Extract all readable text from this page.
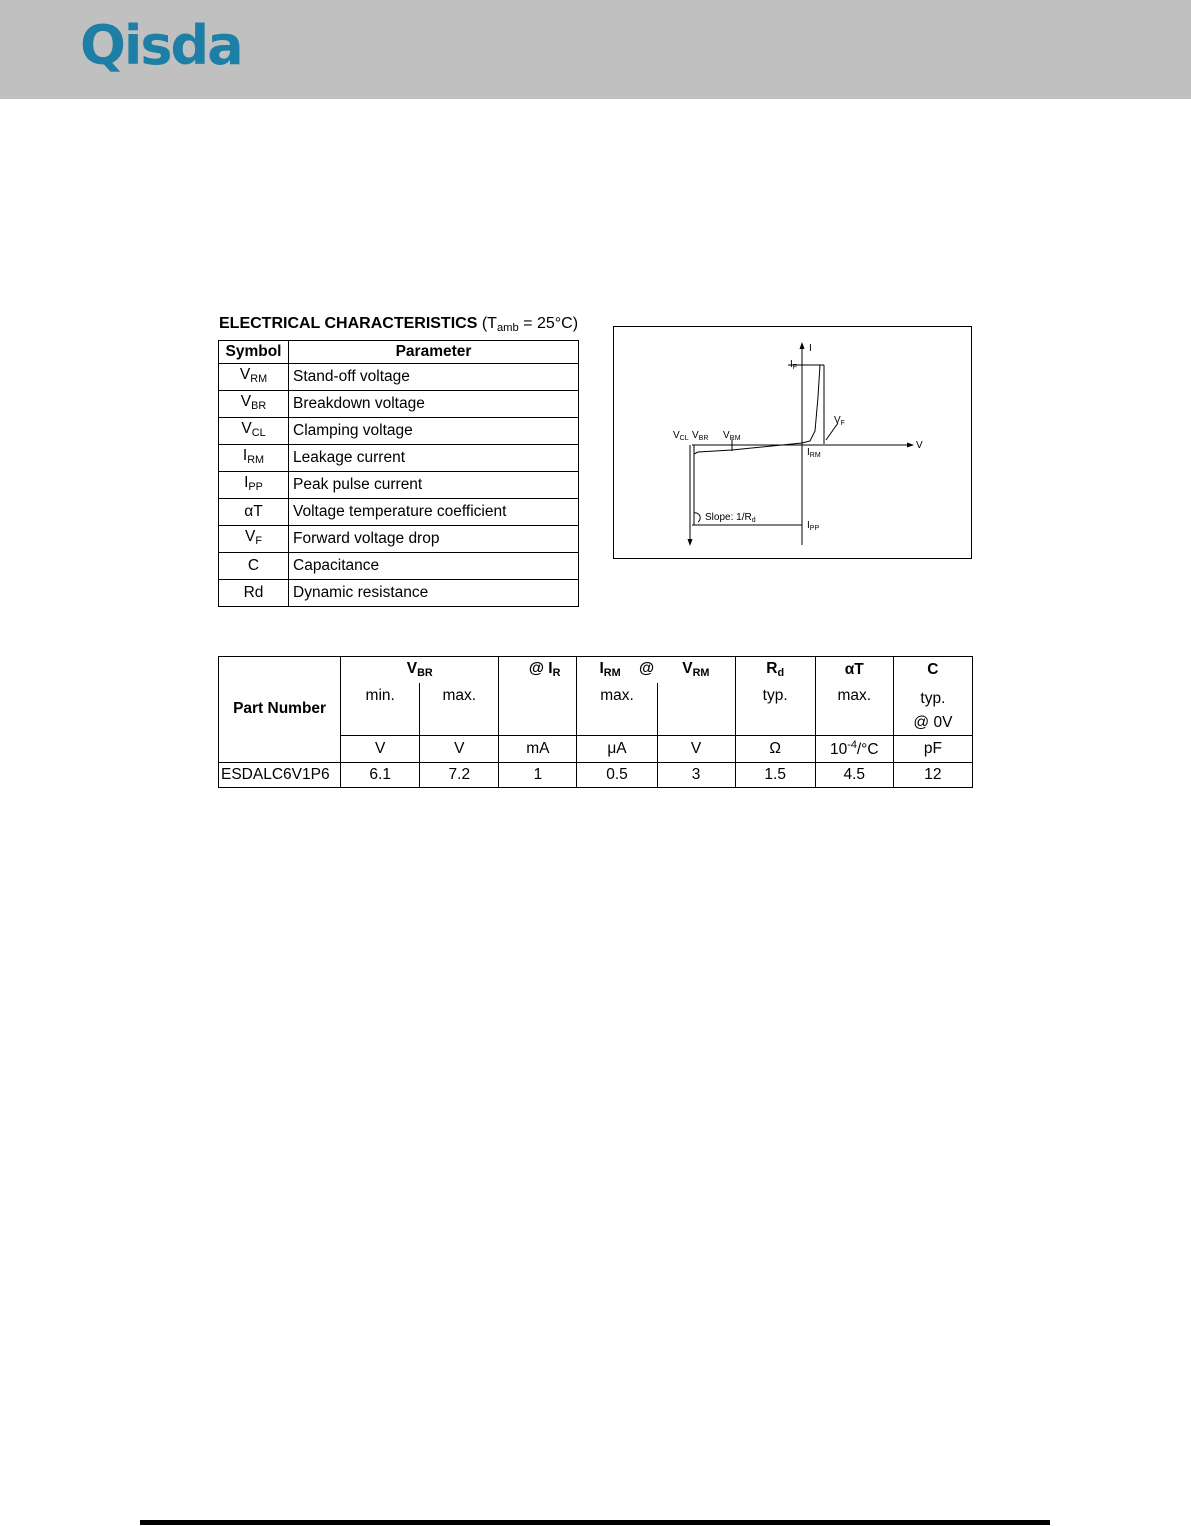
Qisda
ELECTRICAL CHARACTERISTICS $(T_{amb} = 25^\circ C)$
Symbol	Parameter
$V_{RM}$	Stand-off voltage
$V_{BR}$	Breakdown voltage
$V_{CL}$	Clamping voltage
$I_{RM}$	Leakage current
$I_{PP}$	Peak pulse current
αT	Voltage temperature coefficient
$V_F$	Forward voltage drop
C	Capacitance
Rd	Dynamic resistance
I
V
$I_F$
$V_F$
$V_{CL}$ $V_{BR}$ $V_{RM}$
$I_{RM}$
$I_{PP}$
Slope: $1/R_d$
Part Number	$V_{BR}$		@ $I_R$	$I_{RM}$ @	$V_{RM}$	$R_d$	αT	C
	min.	max.		max.		typ.	max.	typ.
@ 0V
	V	V	mA	μA	V	Ω	$10^{-4}/^\circ C$	pF
ESDALC6V1P6	6.1	7.2	1	0.5	3	1.5	4.5	12
